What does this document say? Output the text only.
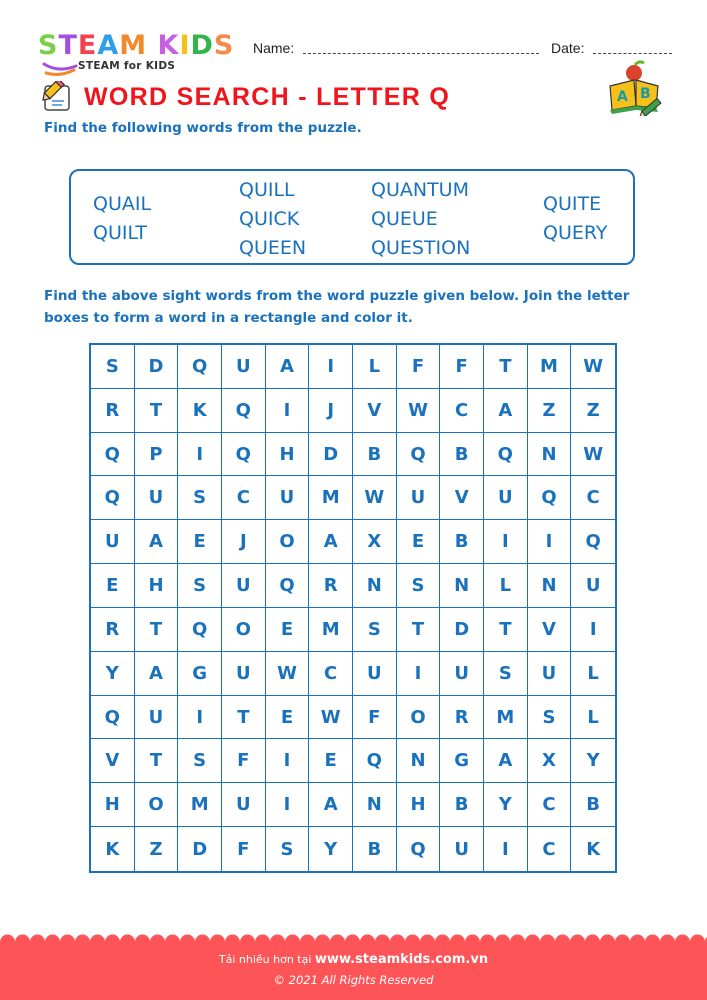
STEAM KIDS
STEAM for KIDS
Name:	Date:
WORD SEARCH - LETTER Q	A B
Find the following words from the puzzle.
QUAIL
QUILT
QUILL
QUICK
QUEEN
QUANTUM
QUEUE
QUESTION
QUITE
QUERY
Find the above sight words from the word puzzle given below. Join the letter boxes to form a word in a rectangle and color it.
S	D	Q	U	A	I	L	F	F	T	M	W
R	T	K	Q	I	J	V	W	C	A	Z	Z
Q	P	I	Q	H	D	B	Q	B	Q	N	W
Q	U	S	C	U	M	W	U	V	U	Q	C
U	A	E	J	O	A	X	E	B	I	I	Q
E	H	S	U	Q	R	N	S	N	L	N	U
R	T	Q	O	E	M	S	T	D	T	V	I
Y	A	G	U	W	C	U	I	U	S	U	L
Q	U	I	T	E	W	F	O	R	M	S	L
V	T	S	F	I	E	Q	N	G	A	X	Y
H	O	M	U	I	A	N	H	B	Y	C	B
K	Z	D	F	S	Y	B	Q	U	I	C	K
Tải nhiều hơn tại www.steamkids.com.vn
© 2021 All Rights Reserved
